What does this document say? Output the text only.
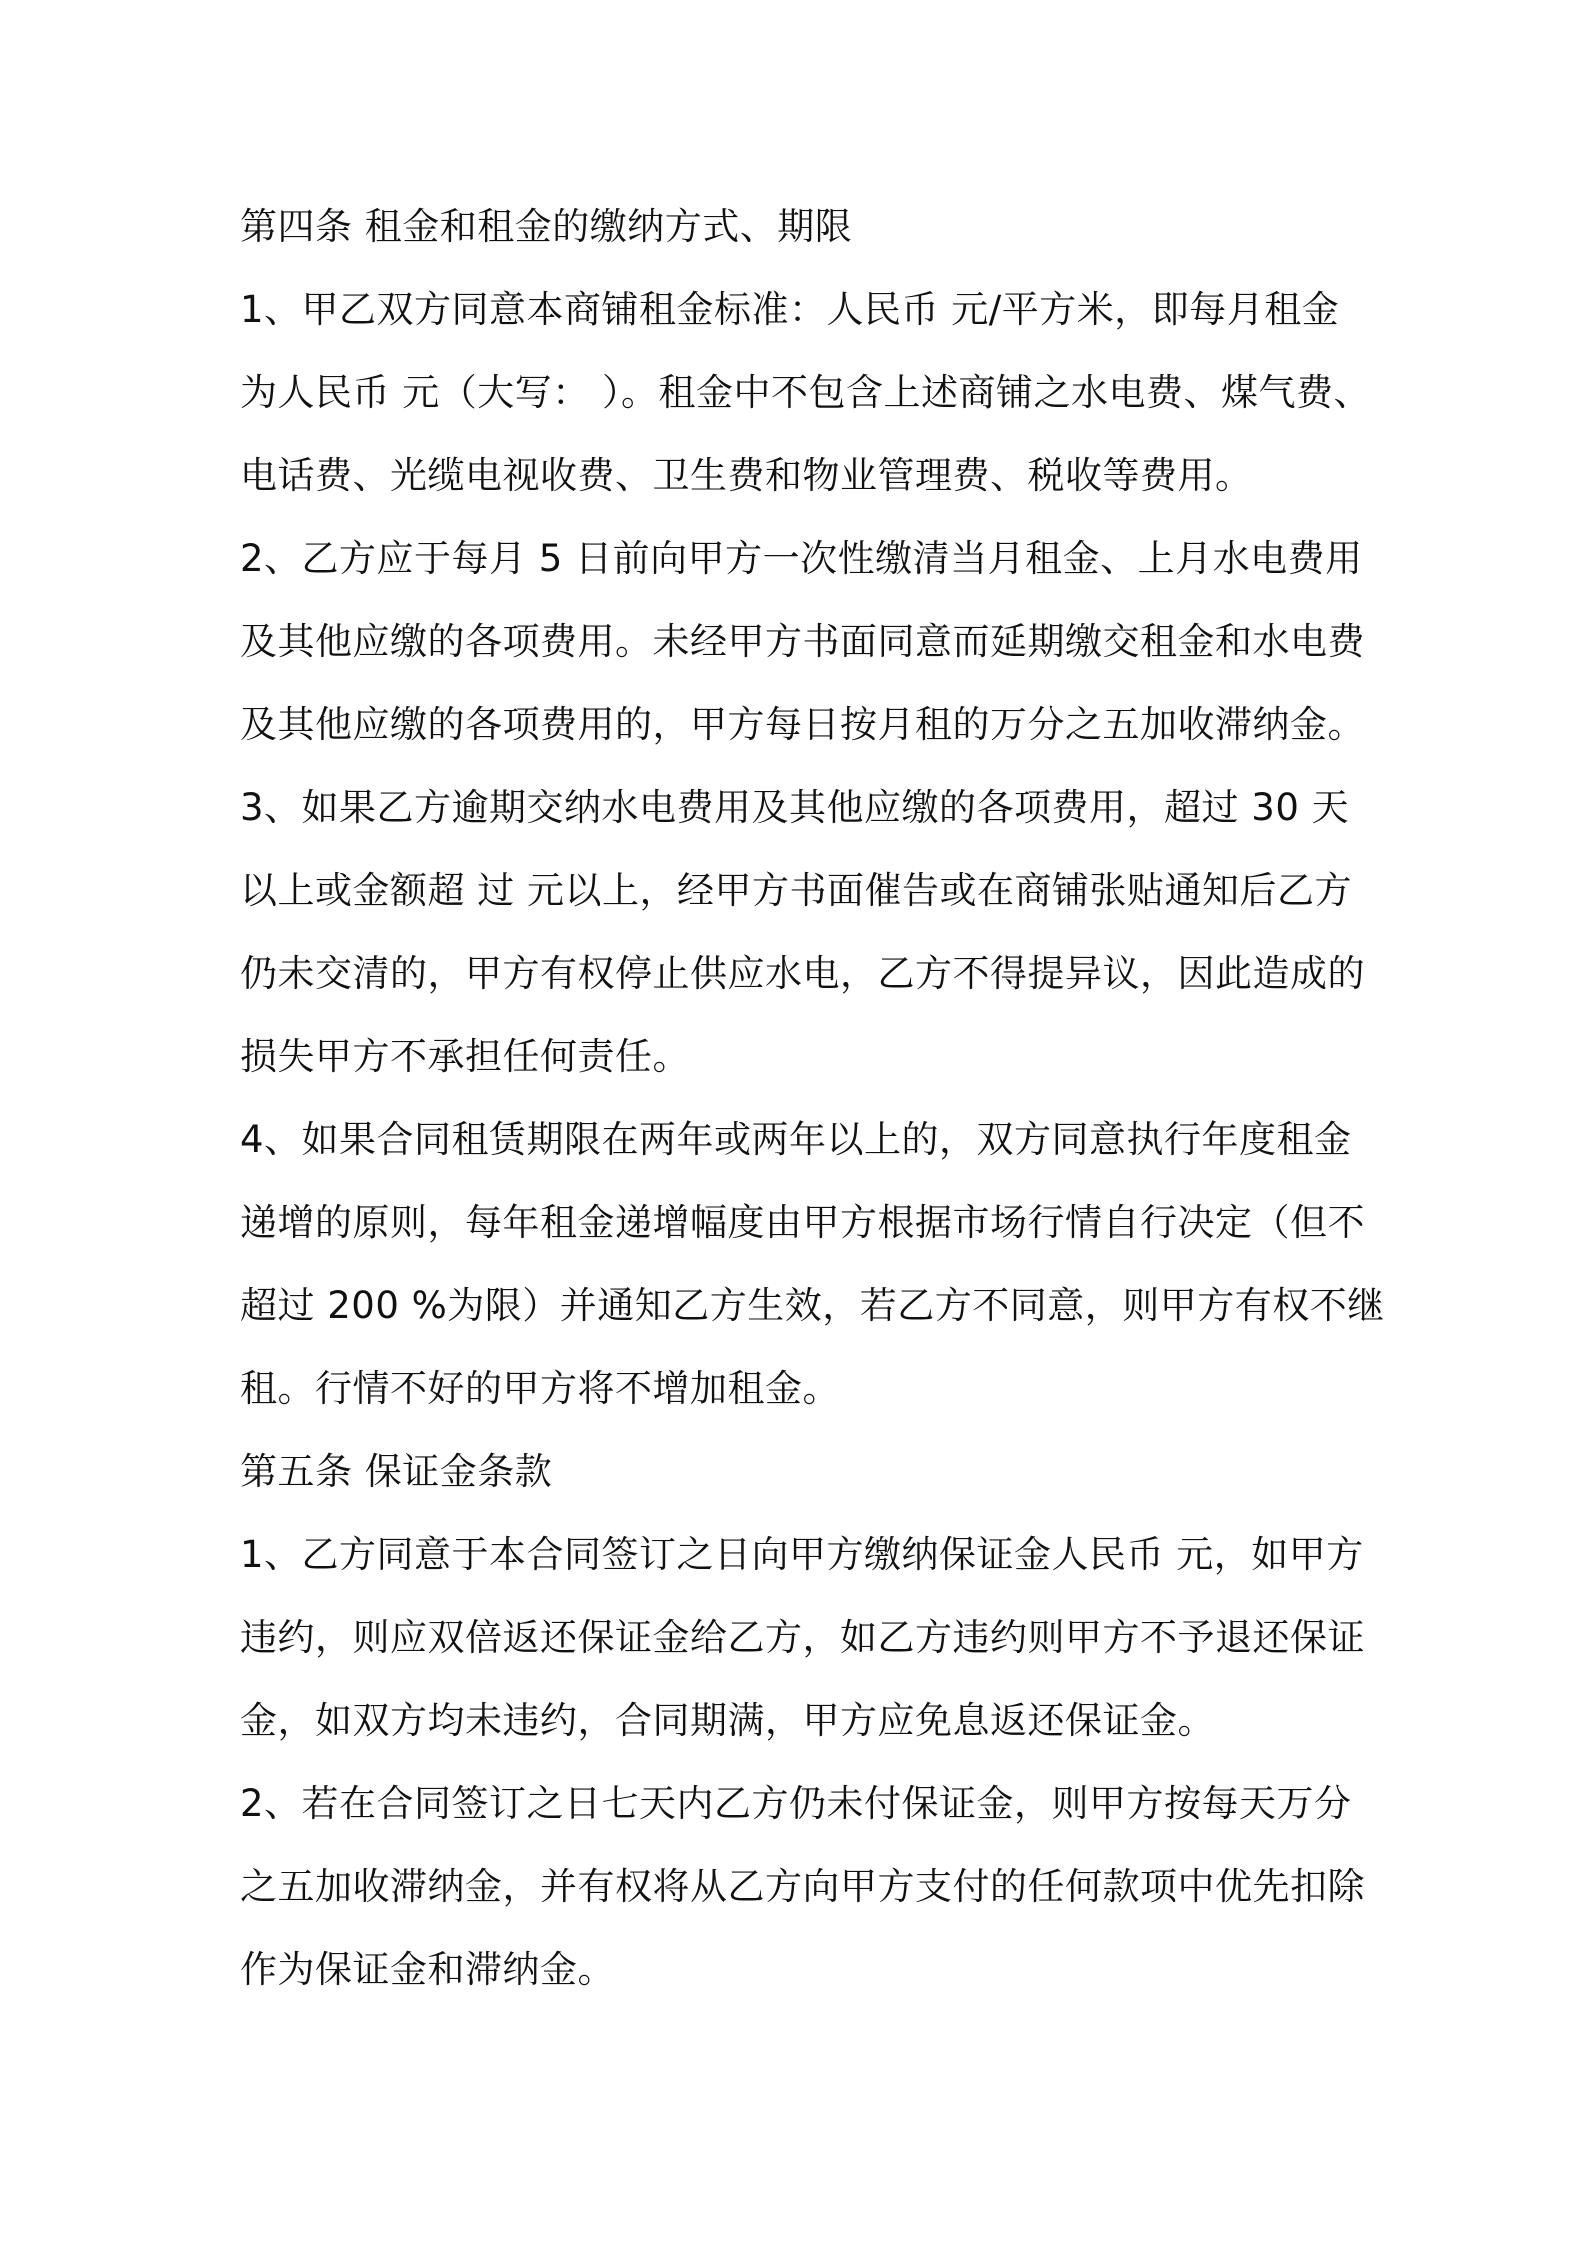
第四条 租金和租金的缴纳方式、期限

1、甲乙双方同意本商铺租金标准：人民币 元/平方米，即每月租金

为人民币 元（大写： ）。租金中不包含上述商铺之水电费、煤气费、

电话费、光缆电视收费、卫生费和物业管理费、税收等费用。

2、乙方应于每月 5 日前向甲方一次性缴清当月租金、上月水电费用

及其他应缴的各项费用。未经甲方书面同意而延期缴交租金和水电费

及其他应缴的各项费用的，甲方每日按月租的万分之五加收滞纳金。

3、如果乙方逾期交纳水电费用及其他应缴的各项费用，超过 30 天

以上或金额超 过 元以上，经甲方书面催告或在商铺张贴通知后乙方

仍未交清的，甲方有权停止供应水电，乙方不得提异议，因此造成的

损失甲方不承担任何责任。

4、如果合同租赁期限在两年或两年以上的，双方同意执行年度租金

递增的原则，每年租金递增幅度由甲方根据市场行情自行决定（但不

超过 200 %为限）并通知乙方生效，若乙方不同意，则甲方有权不继

租。行情不好的甲方将不增加租金。

第五条 保证金条款

1、乙方同意于本合同签订之日向甲方缴纳保证金人民币 元，如甲方

违约，则应双倍返还保证金给乙方，如乙方违约则甲方不予退还保证

金，如双方均未违约，合同期满，甲方应免息返还保证金。

2、若在合同签订之日七天内乙方仍未付保证金，则甲方按每天万分

之五加收滞纳金，并有权将从乙方向甲方支付的任何款项中优先扣除

作为保证金和滞纳金。
